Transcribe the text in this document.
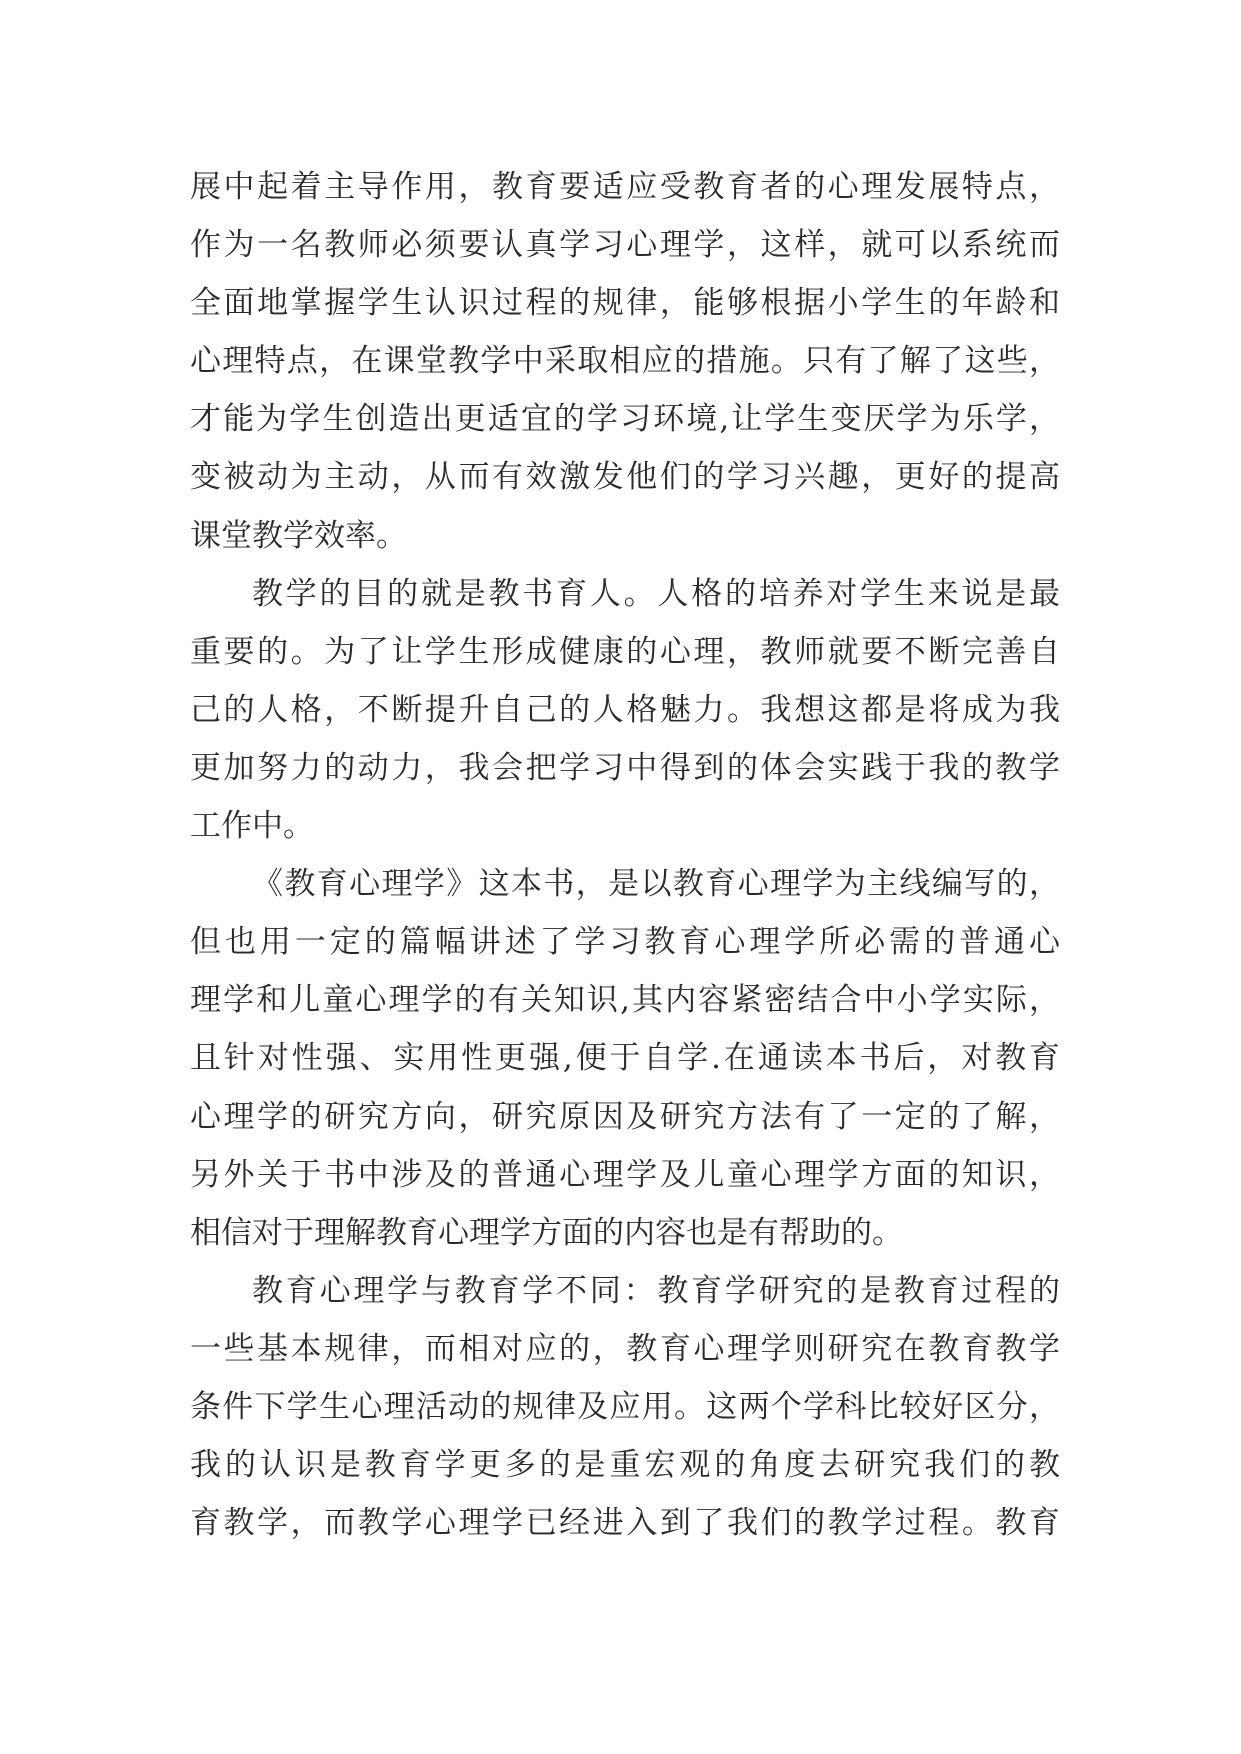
展中起着主导作用，教育要适应受教育者的心理发展特点，
作为一名教师必须要认真学习心理学，这样，就可以系统而
全面地掌握学生认识过程的规律，能够根据小学生的年龄和
心理特点，在课堂教学中采取相应的措施。只有了解了这些，
才能为学生创造出更适宜的学习环境,让学生变厌学为乐学，
变被动为主动，从而有效激发他们的学习兴趣，更好的提高
课堂教学效率。
教学的目的就是教书育人。人格的培养对学生来说是最
重要的。为了让学生形成健康的心理，教师就要不断完善自
己的人格，不断提升自己的人格魅力。我想这都是将成为我
更加努力的动力，我会把学习中得到的体会实践于我的教学
工作中。
《教育心理学》这本书，是以教育心理学为主线编写的，
但也用一定的篇幅讲述了学习教育心理学所必需的普通心
理学和儿童心理学的有关知识,其内容紧密结合中小学实际，
且针对性强、实用性更强,便于自学.在通读本书后，对教育
心理学的研究方向，研究原因及研究方法有了一定的了解，
另外关于书中涉及的普通心理学及儿童心理学方面的知识，
相信对于理解教育心理学方面的内容也是有帮助的。
教育心理学与教育学不同：教育学研究的是教育过程的
一些基本规律，而相对应的，教育心理学则研究在教育教学
条件下学生心理活动的规律及应用。这两个学科比较好区分，
我的认识是教育学更多的是重宏观的角度去研究我们的教
育教学，而教学心理学已经进入到了我们的教学过程。教育
